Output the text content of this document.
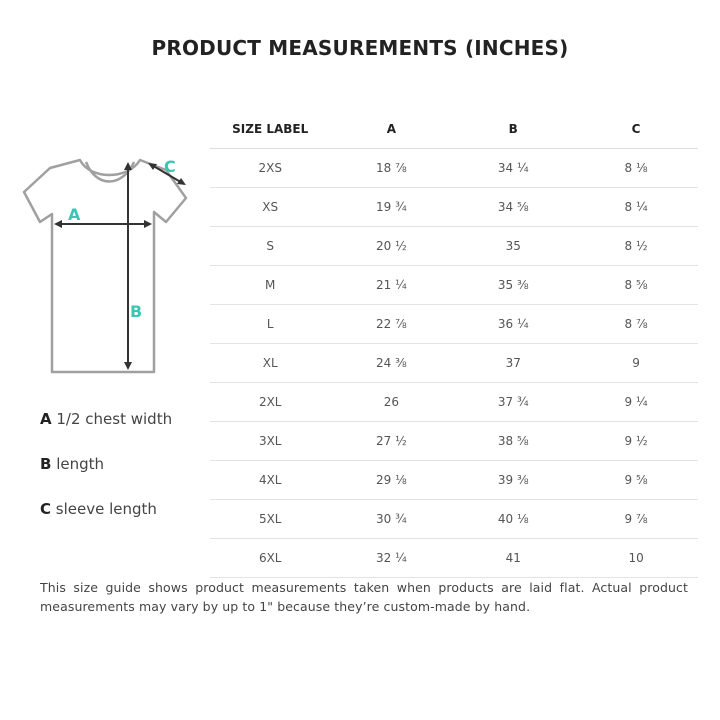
PRODUCT MEASUREMENTS (INCHES)
A
B
C
A 1/2 chest width
B length
C sleeve length
SIZE LABEL	A	B	C
2XS	18 ⅞	34 ¼	8 ⅛
XS	19 ¾	34 ⅝	8 ¼
S	20 ½	35	8 ½
M	21 ¼	35 ⅜	8 ⅝
L	22 ⅞	36 ¼	8 ⅞
XL	24 ⅜	37	9
2XL	26	37 ¾	9 ¼
3XL	27 ½	38 ⅝	9 ½
4XL	29 ⅛	39 ⅜	9 ⅝
5XL	30 ¾	40 ⅛	9 ⅞
6XL	32 ¼	41	10
This size guide shows product measurements taken when products are laid flat. Actual product measurements may vary by up to 1" because they’re custom-made by hand.
